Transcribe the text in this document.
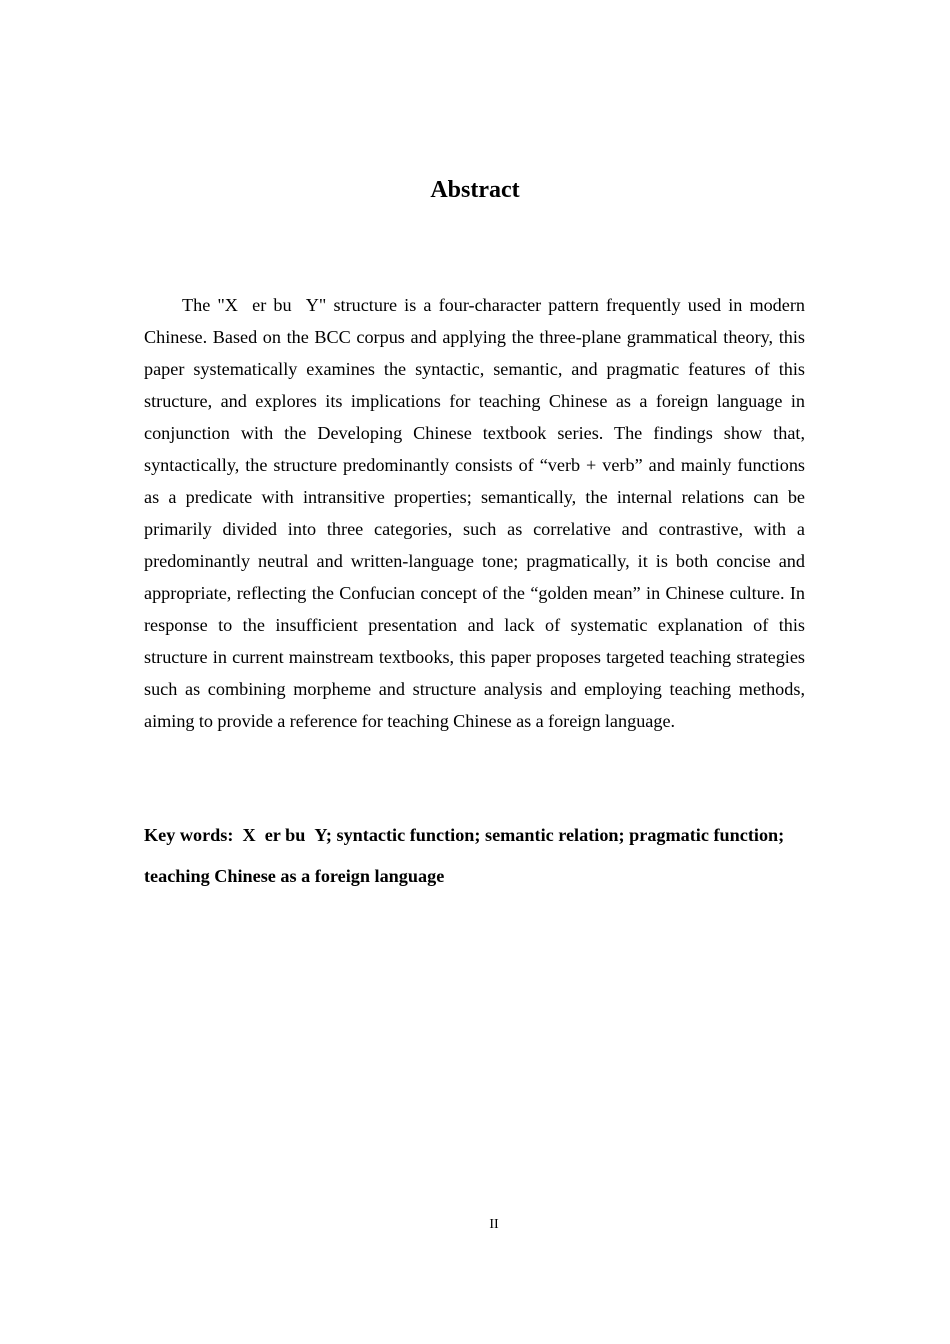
Abstract

The "X  er bu  Y" structure is a four-character pattern frequently used in modern Chinese. Based on the BCC corpus and applying the three-plane grammatical theory, this paper systematically examines the syntactic, semantic, and pragmatic features of this structure, and explores its implications for teaching Chinese as a foreign language in conjunction with the Developing Chinese textbook series. The findings show that, syntactically, the structure predominantly consists of “verb + verb” and mainly functions as a predicate with intransitive properties; semantically, the internal relations can be primarily divided into three categories, such as correlative and contrastive, with a predominantly neutral and written-language tone; pragmatically, it is both concise and appropriate, reflecting the Confucian concept of the “golden mean” in Chinese culture. In response to the insufficient presentation and lack of systematic explanation of this structure in current mainstream textbooks, this paper proposes targeted teaching strategies such as combining morpheme and structure analysis and employing teaching methods, aiming to provide a reference for teaching Chinese as a foreign language.

Key words:  X  er bu  Y; syntactic function; semantic relation; pragmatic function; teaching Chinese as a foreign language

II
